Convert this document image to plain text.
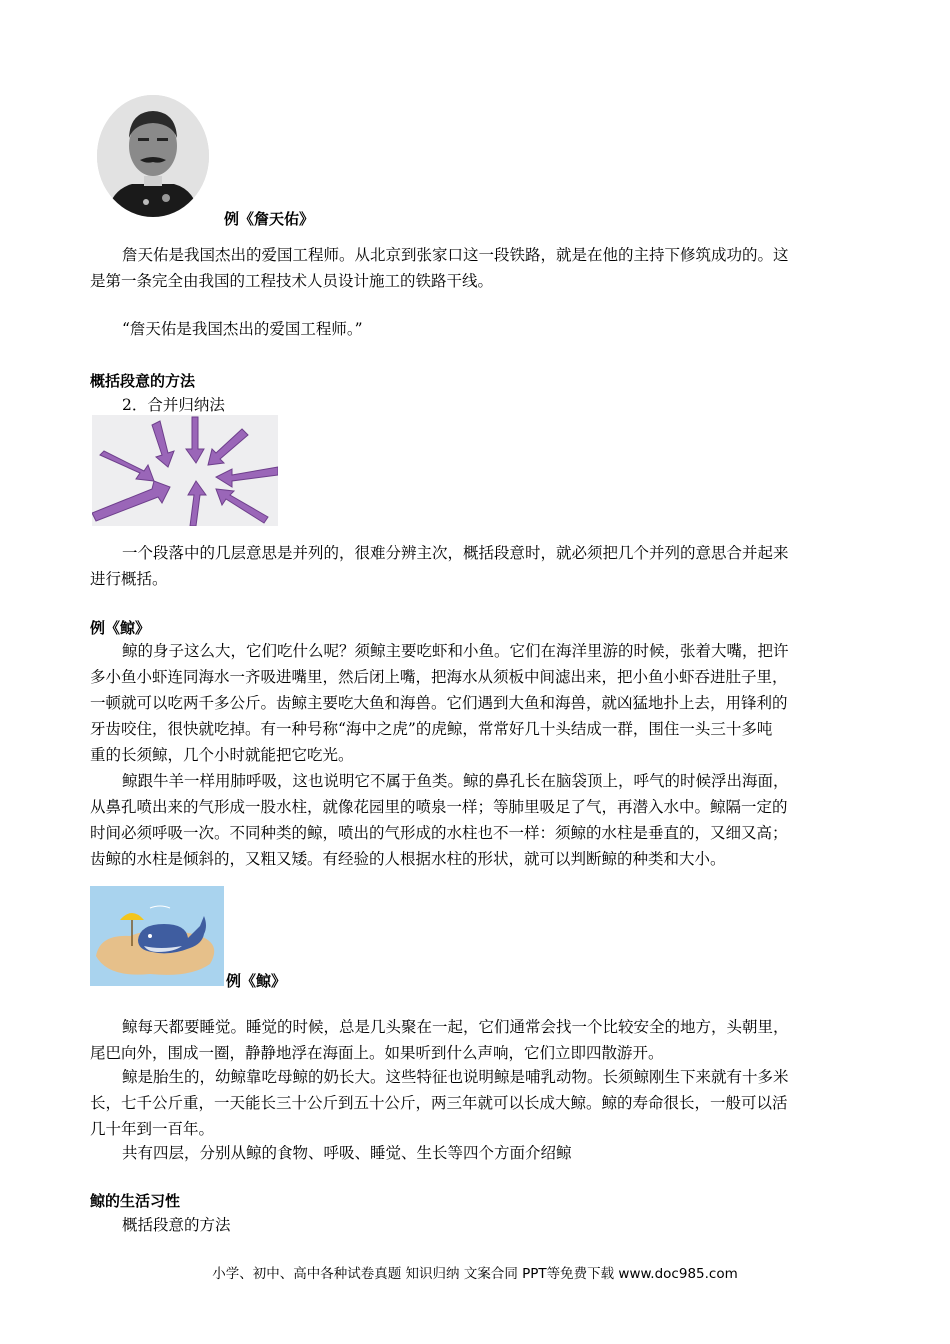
例《詹天佑》
詹天佑是我国杰出的爱国工程师。从北京到张家口这一段铁路，就是在他的主持下修筑成功的。这
是第一条完全由我国的工程技术人员设计施工的铁路干线。
“詹天佑是我国杰出的爱国工程师。”
概括段意的方法
2．合并归纳法
一个段落中的几层意思是并列的，很难分辨主次，概括段意时，就必须把几个并列的意思合并起来
进行概括。
例《鲸》
鲸的身子这么大，它们吃什么呢？须鲸主要吃虾和小鱼。它们在海洋里游的时候，张着大嘴，把许
多小鱼小虾连同海水一齐吸进嘴里，然后闭上嘴，把海水从须板中间滤出来，把小鱼小虾吞进肚子里，
一顿就可以吃两千多公斤。齿鲸主要吃大鱼和海兽。它们遇到大鱼和海兽，就凶猛地扑上去，用锋利的
牙齿咬住，很快就吃掉。有一种号称“海中之虎”的虎鲸，常常好几十头结成一群，围住一头三十多吨
重的长须鲸，几个小时就能把它吃光。
鲸跟牛羊一样用肺呼吸，这也说明它不属于鱼类。鲸的鼻孔长在脑袋顶上，呼气的时候浮出海面，
从鼻孔喷出来的气形成一股水柱，就像花园里的喷泉一样；等肺里吸足了气，再潜入水中。鲸隔一定的
时间必须呼吸一次。不同种类的鲸，喷出的气形成的水柱也不一样：须鲸的水柱是垂直的，又细又高；
齿鲸的水柱是倾斜的，又粗又矮。有经验的人根据水柱的形状，就可以判断鲸的种类和大小。
例《鲸》
鲸每天都要睡觉。睡觉的时候，总是几头聚在一起，它们通常会找一个比较安全的地方，头朝里，
尾巴向外，围成一圈，静静地浮在海面上。如果听到什么声响，它们立即四散游开。
鲸是胎生的，幼鲸靠吃母鲸的奶长大。这些特征也说明鲸是哺乳动物。长须鲸刚生下来就有十多米
长，七千公斤重，一天能长三十公斤到五十公斤，两三年就可以长成大鲸。鲸的寿命很长，一般可以活
几十年到一百年。
共有四层，分别从鲸的食物、呼吸、睡觉、生长等四个方面介绍鲸
鲸的生活习性
概括段意的方法
小学、初中、高中各种试卷真题 知识归纳 文案合同 PPT等免费下载 www.doc985.com
